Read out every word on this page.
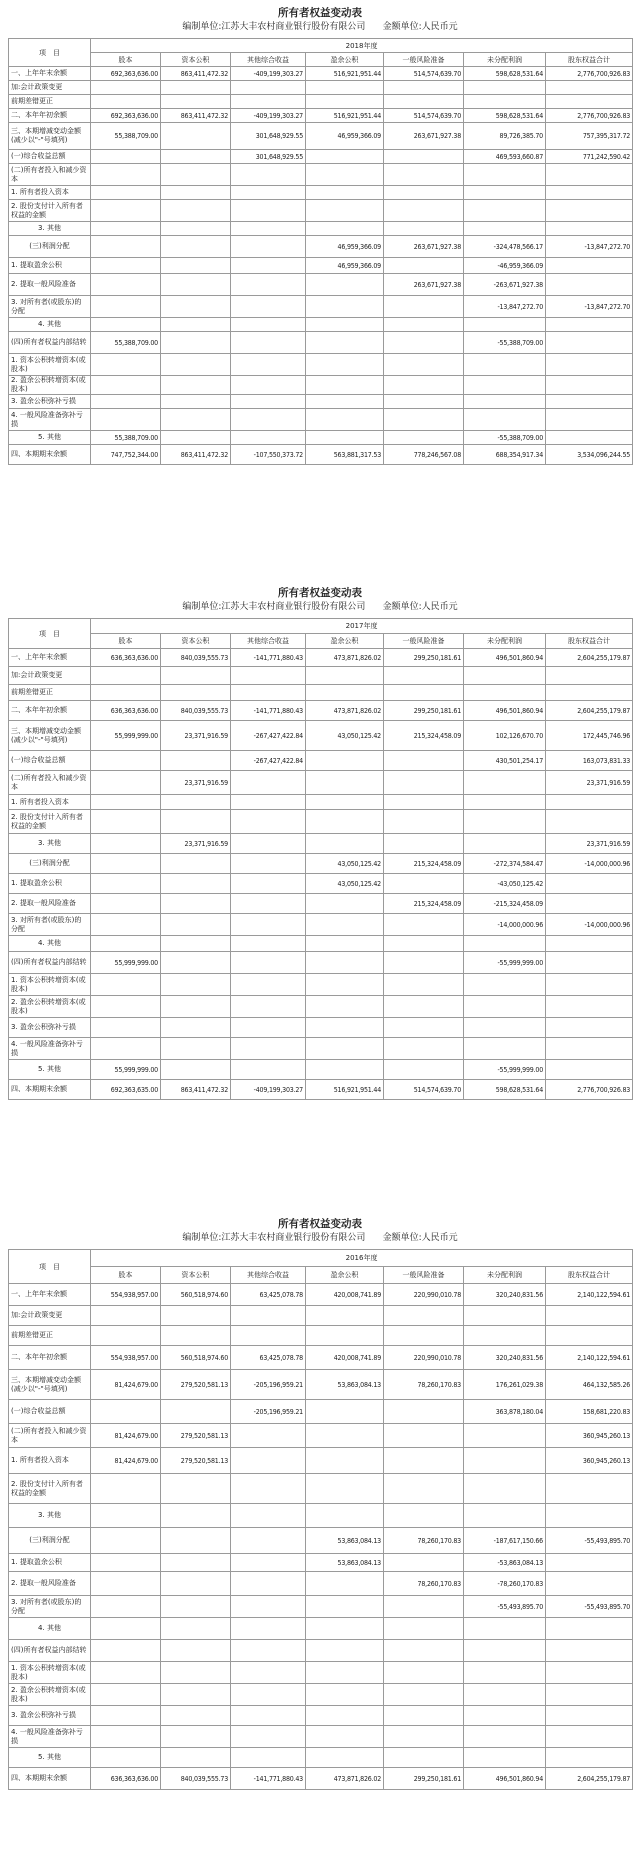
所有者权益变动表
编制单位:江苏大丰农村商业银行股份有限公司      金额单位:人民币元
项　目	2018年度						
	股本	资本公积	其他综合收益	盈余公积	一般风险准备	未分配利润	股东权益合计
一、上年年末余额	692,363,636.00	863,411,472.32	-409,199,303.27	516,921,951.44	514,574,639.70	598,628,531.64	2,776,700,926.83
加:会计政策变更							
前期差错更正							
二、本年年初余额	692,363,636.00	863,411,472.32	-409,199,303.27	516,921,951.44	514,574,639.70	598,628,531.64	2,776,700,926.83
三、本期增减变动金额(减少以"-"号填列)	55,388,709.00		301,648,929.55	46,959,366.09	263,671,927.38	89,726,385.70	757,395,317.72
(一)综合收益总额			301,648,929.55			469,593,660.87	771,242,590.42
(二)所有者投入和减少资本							
1. 所有者投入资本							
2. 股份支付计入所有者权益的金额							
3. 其他							
(三)利润分配				46,959,366.09	263,671,927.38	-324,478,566.17	-13,847,272.70
1. 提取盈余公积				46,959,366.09		-46,959,366.09	
2. 提取一般风险准备					263,671,927.38	-263,671,927.38	
3. 对所有者(或股东)的分配						-13,847,272.70	-13,847,272.70
4. 其他							
(四)所有者权益内部结转	55,388,709.00					-55,388,709.00	
1. 资本公积转增资本(或股本)							
2. 盈余公积转增资本(或股本)							
3. 盈余公积弥补亏损							
4. 一般风险准备弥补亏损							
5. 其他	55,388,709.00					-55,388,709.00	
四、本期期末余额	747,752,344.00	863,411,472.32	-107,550,373.72	563,881,317.53	778,246,567.08	688,354,917.34	3,534,096,244.55
所有者权益变动表
编制单位:江苏大丰农村商业银行股份有限公司      金额单位:人民币元
项　目	2017年度						
	股本	资本公积	其他综合收益	盈余公积	一般风险准备	未分配利润	股东权益合计
一、上年年末余额	636,363,636.00	840,039,555.73	-141,771,880.43	473,871,826.02	299,250,181.61	496,501,860.94	2,604,255,179.87
加:会计政策变更							
前期差错更正							
二、本年年初余额	636,363,636.00	840,039,555.73	-141,771,880.43	473,871,826.02	299,250,181.61	496,501,860.94	2,604,255,179.87
三、本期增减变动金额(减少以"-"号填列)	55,999,999.00	23,371,916.59	-267,427,422.84	43,050,125.42	215,324,458.09	102,126,670.70	172,445,746.96
(一)综合收益总额			-267,427,422.84			430,501,254.17	163,073,831.33
(二)所有者投入和减少资本		23,371,916.59					23,371,916.59
1. 所有者投入资本							
2. 股份支付计入所有者权益的金额							
3. 其他		23,371,916.59					23,371,916.59
(三)利润分配				43,050,125.42	215,324,458.09	-272,374,584.47	-14,000,000.96
1. 提取盈余公积				43,050,125.42		-43,050,125.42	
2. 提取一般风险准备					215,324,458.09	-215,324,458.09	
3. 对所有者(或股东)的分配						-14,000,000.96	-14,000,000.96
4. 其他							
(四)所有者权益内部结转	55,999,999.00					-55,999,999.00	
1. 资本公积转增资本(或股本)							
2. 盈余公积转增资本(或股本)							
3. 盈余公积弥补亏损							
4. 一般风险准备弥补亏损							
5. 其他	55,999,999.00					-55,999,999.00	
四、本期期末余额	692,363,635.00	863,411,472.32	-409,199,303.27	516,921,951.44	514,574,639.70	598,628,531.64	2,776,700,926.83
所有者权益变动表
编制单位:江苏大丰农村商业银行股份有限公司      金额单位:人民币元
项　目	2016年度						
	股本	资本公积	其他综合收益	盈余公积	一般风险准备	未分配利润	股东权益合计
一、上年年末余额	554,938,957.00	560,518,974.60	63,425,078.78	420,008,741.89	220,990,010.78	320,240,831.56	2,140,122,594.61
加:会计政策变更							
前期差错更正							
二、本年年初余额	554,938,957.00	560,518,974.60	63,425,078.78	420,008,741.89	220,990,010.78	320,240,831.56	2,140,122,594.61
三、本期增减变动金额(减少以"-"号填列)	81,424,679.00	279,520,581.13	-205,196,959.21	53,863,084.13	78,260,170.83	176,261,029.38	464,132,585.26
(一)综合收益总额			-205,196,959.21			363,878,180.04	158,681,220.83
(二)所有者投入和减少资本	81,424,679.00	279,520,581.13					360,945,260.13
1. 所有者投入资本	81,424,679.00	279,520,581.13					360,945,260.13
2. 股份支付计入所有者权益的金额							
3. 其他							
(三)利润分配				53,863,084.13	78,260,170.83	-187,617,150.66	-55,493,895.70
1. 提取盈余公积				53,863,084.13		-53,863,084.13	
2. 提取一般风险准备					78,260,170.83	-78,260,170.83	
3. 对所有者(或股东)的分配						-55,493,895.70	-55,493,895.70
4. 其他							
(四)所有者权益内部结转							
1. 资本公积转增资本(或股本)							
2. 盈余公积转增资本(或股本)							
3. 盈余公积弥补亏损							
4. 一般风险准备弥补亏损							
5. 其他							
四、本期期末余额	636,363,636.00	840,039,555.73	-141,771,880.43	473,871,826.02	299,250,181.61	496,501,860.94	2,604,255,179.87
